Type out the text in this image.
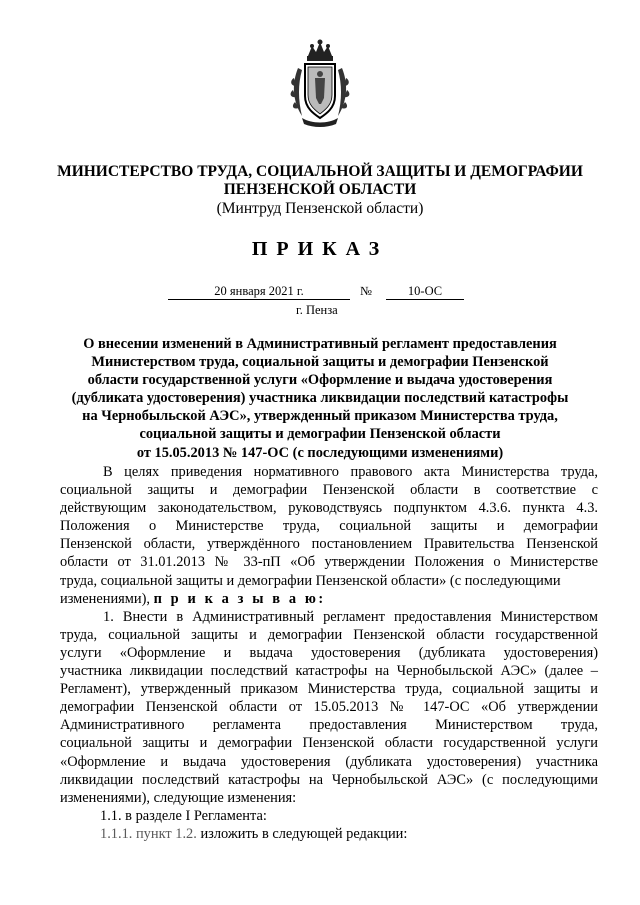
МИНИСТЕРСТВО ТРУДА, СОЦИАЛЬНОЙ ЗАЩИТЫ И ДЕМОГРАФИИ
ПЕНЗЕНСКОЙ ОБЛАСТИ
(Минтруд Пензенской области)
ПРИКАЗ
20 января 2021 г.	№	10-ОС
г. Пенза
О внесении изменений в Административный регламент предоставления
Министерством труда, социальной защиты и демографии Пензенской
области государственной услуги «Оформление и выдача удостоверения
(дубликата удостоверения) участника ликвидации последствий катастрофы
на Чернобыльской АЭС», утвержденный приказом Министерства труда,
социальной защиты и демографии Пензенской области
от 15.05.2013 № 147-ОС (с последующими изменениями)
В целях приведения нормативного правового акта Министерства труда,
социальной защиты и демографии Пензенской области в соответствие с
действующим законодательством, руководствуясь подпунктом 4.3.6. пункта 4.3.
Положения о Министерстве труда, социальной защиты и демографии
Пензенской области, утверждённого постановлением Правительства Пензенской
области от 31.01.2013 № 33-пП «Об утверждении Положения о Министерстве
труда, социальной защиты и демографии Пензенской области» (с последующими
изменениями), п р и к а з ы в а ю:
1. Внести в Административный регламент предоставления Министерством
труда, социальной защиты и демографии Пензенской области государственной
услуги «Оформление и выдача удостоверения (дубликата удостоверения)
участника ликвидации последствий катастрофы на Чернобыльской АЭС» (далее –
Регламент), утвержденный приказом Министерства труда, социальной защиты и
демографии Пензенской области от 15.05.2013 № 147-ОС «Об утверждении
Административного регламента предоставления Министерством труда,
социальной защиты и демографии Пензенской области государственной услуги
«Оформление и выдача удостоверения (дубликата удостоверения) участника
ликвидации последствий катастрофы на Чернобыльской АЭС» (с последующими
изменениями), следующие изменения:
1.1. в разделе I Регламента:
1.1.1. пункт 1.2. изложить в следующей редакции:
